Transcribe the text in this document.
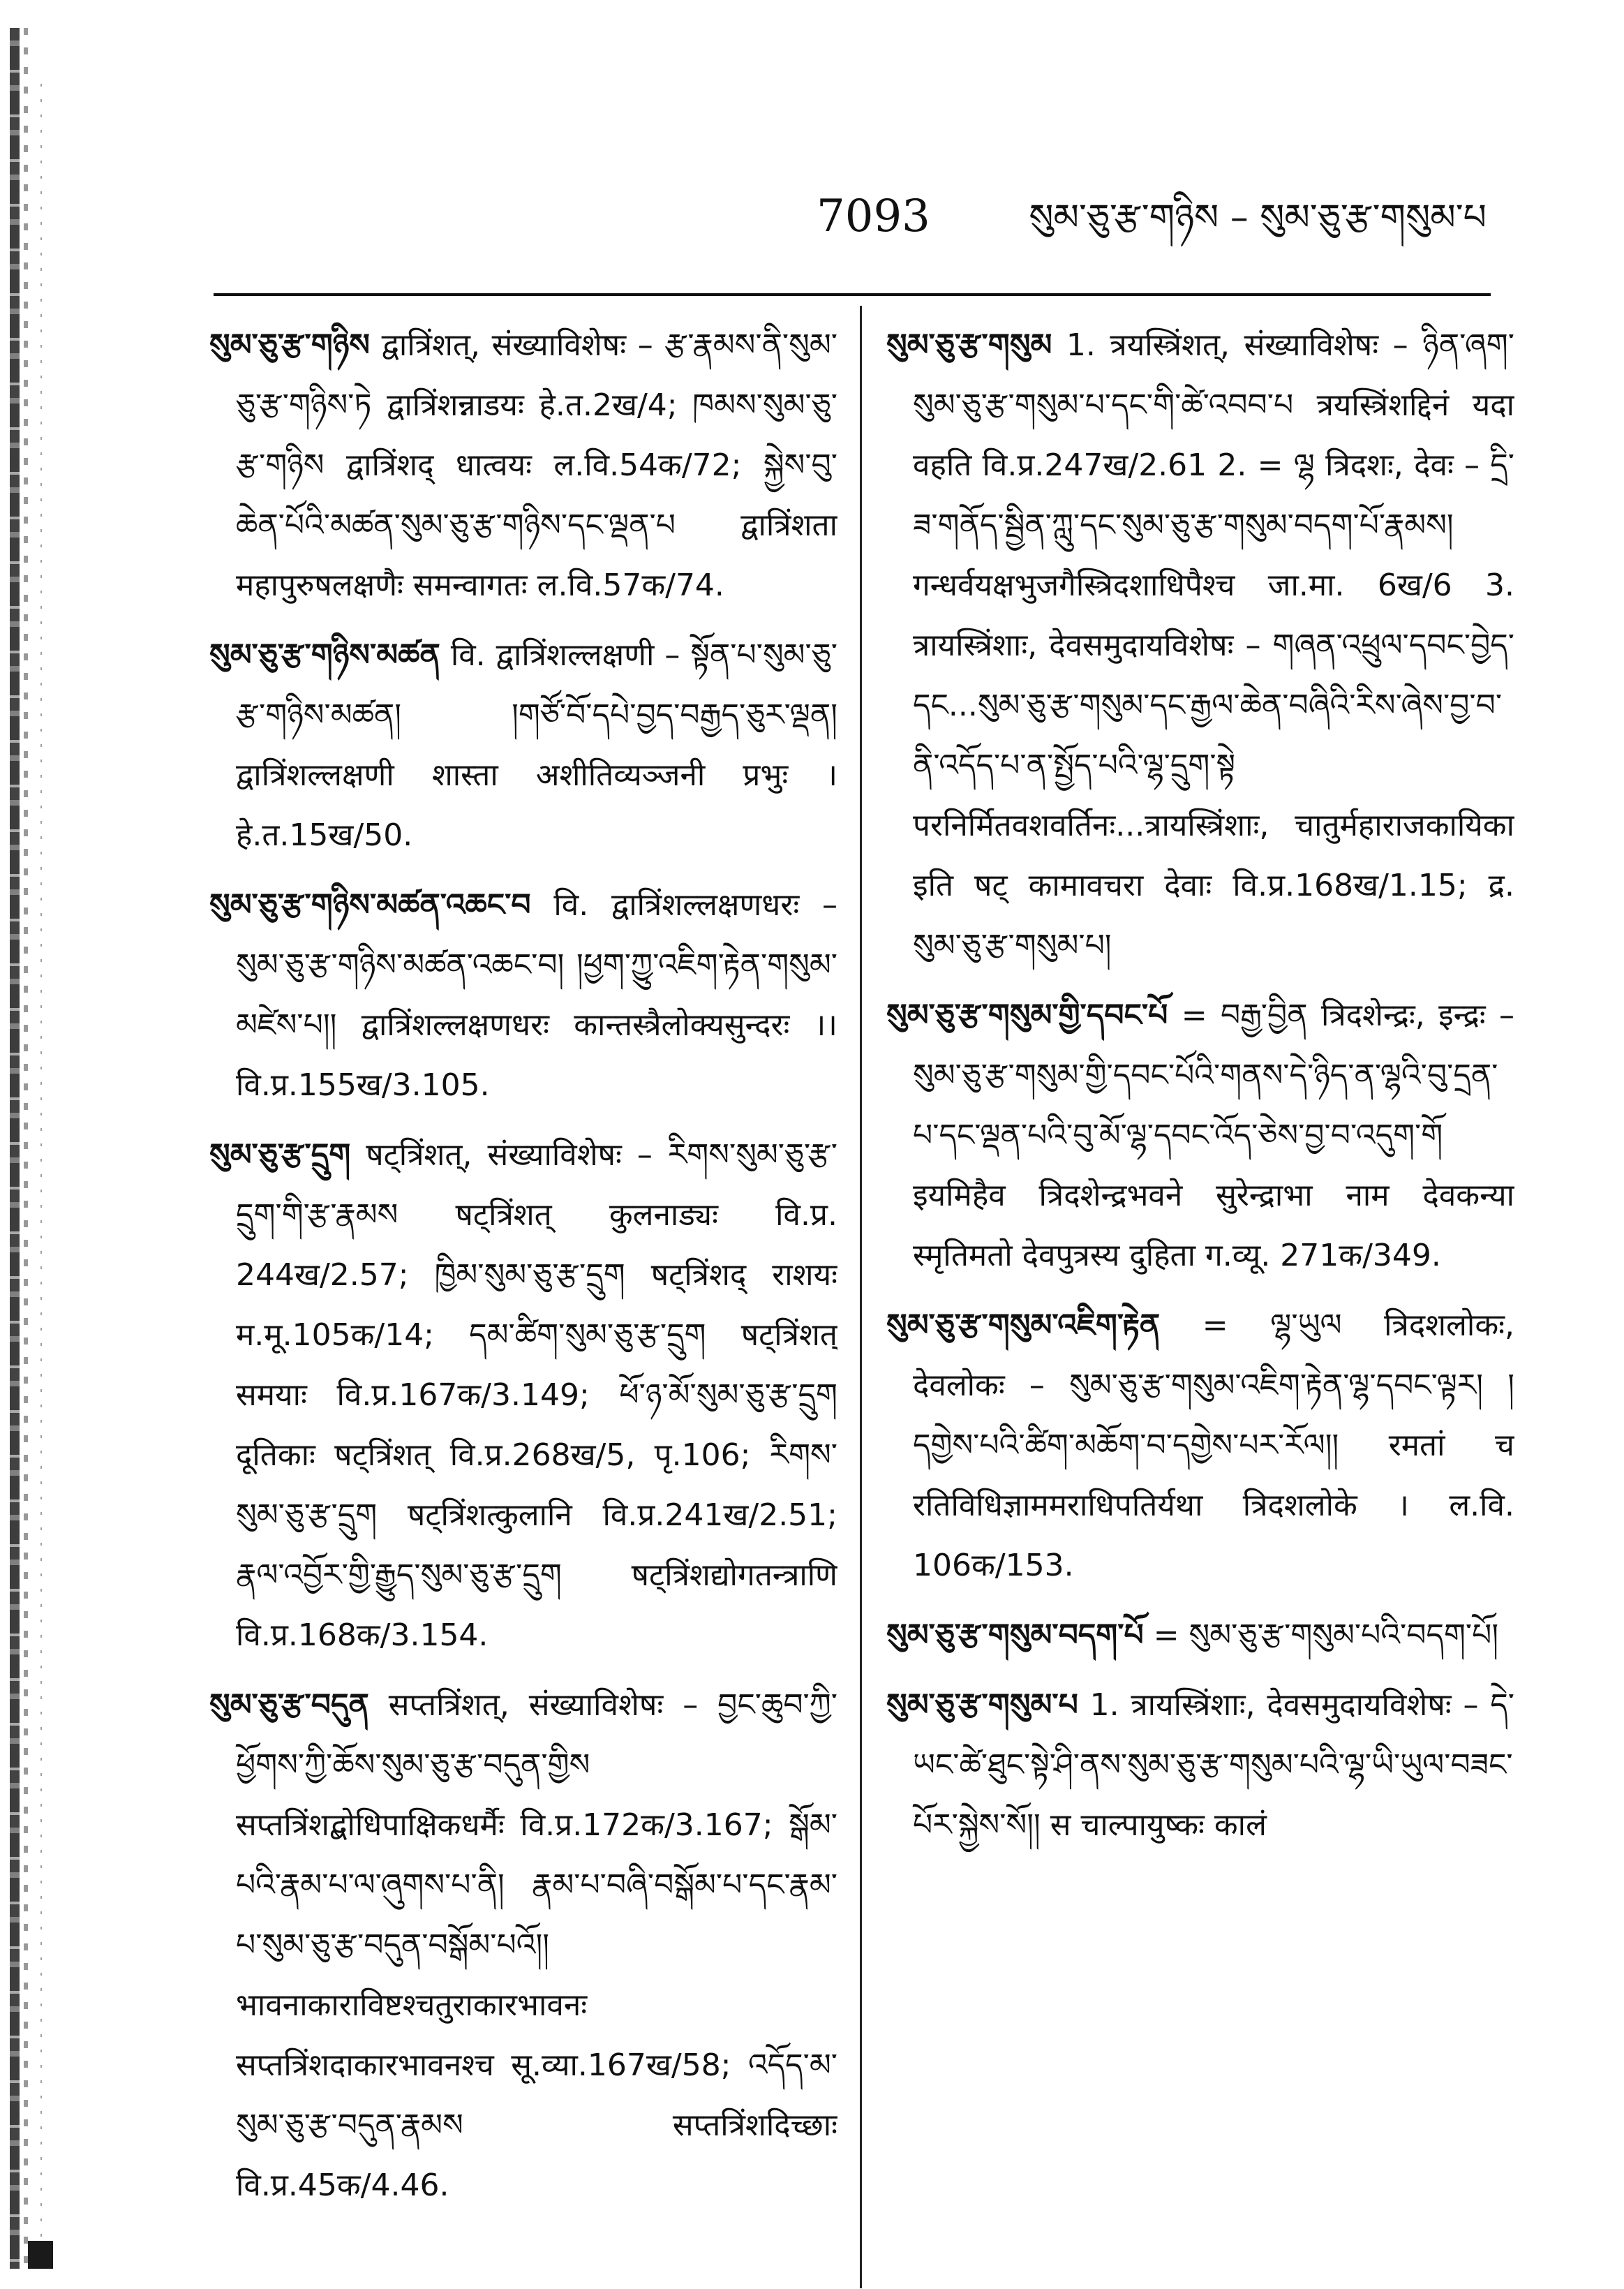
7093	སུམ་ཅུ་རྩ་གཉིས – སུམ་ཅུ་རྩ་གསུམ་པ

སུམ་ཅུ་རྩ་གཉིས द्वात्रिंशत्, संख्याविशेषः – རྩ་རྣམས་ནི་སུམ་ཅུ་རྩ་གཉིས་ཏེ द्वात्रिंशन्नाडयः हे.त.2ख/4; ཁམས་སུམ་ཅུ་རྩ་གཉིས द्वात्रिंशद् धात्वयः ल.वि.54क/72; སྐྱེས་བུ་ཆེན་པོའི་མཚན་སུམ་ཅུ་རྩ་གཉིས་དང་ལྡན་པ द्वात्रिंशता महापुरुषलक्षणैः समन्वागतः ल.वि.57क/74.

སུམ་ཅུ་རྩ་གཉིས་མཚན वि. द्वात्रिंशल्लक्षणी – སྟོན་པ་སུམ་ཅུ་རྩ་གཉིས་མཚན། །གཙོ་བོ་དཔེ་བྱད་བརྒྱད་ཅུར་ལྡན། द्वात्रिंशल्लक्षणी शास्ता अशीतिव्यञ्जनी प्रभुः । हे.त.15ख/50.

སུམ་ཅུ་རྩ་གཉིས་མཚན་འཆང་བ वि. द्वात्रिंशल्लक्षणधरः – སུམ་ཅུ་རྩ་གཉིས་མཚན་འཆང་བ། །ཕྱག་ཀྱུ་འཇིག་རྟེན་གསུམ་མཛེས་པ།། द्वात्रिंशल्लक्षणधरः कान्तस्त्रैलोक्यसुन्दरः ।। वि.प्र.155ख/3.105.

སུམ་ཅུ་རྩ་དྲུག षट्त्रिंशत्, संख्याविशेषः – རིགས་སུམ་ཅུ་རྩ་དྲུག་གི་རྩ་རྣམས षट्त्रिंशत् कुलनाड्यः वि.प्र. 244ख/2.57; ཁྱིམ་སུམ་ཅུ་རྩ་དྲུག षट्त्रिंशद् राशयः म.मू.105क/14; དམ་ཚིག་སུམ་ཅུ་རྩ་དྲུག षट्त्रिंशत् समयाः वि.प्र.167क/3.149; ཕོ་ཉ་མོ་སུམ་ཅུ་རྩ་དྲུག दूतिकाः षट्त्रिंशत् वि.प्र.268ख/5, पृ.106; རིགས་སུམ་ཅུ་རྩ་དྲུག षट्त्रिंशत्कुलानि वि.प्र.241ख/2.51; རྣལ་འབྱོར་གྱི་རྒྱུད་སུམ་ཅུ་རྩ་དྲུག षट्त्रिंशद्योगतन्त्राणि वि.प्र.168क/3.154.

སུམ་ཅུ་རྩ་བདུན सप्तत्रिंशत्, संख्याविशेषः – བྱང་ཆུབ་ཀྱི་ཕྱོགས་ཀྱི་ཆོས་སུམ་ཅུ་རྩ་བདུན་གྱིས सप्तत्रिंशद्बोधिपाक्षिकधर्मैः वि.प्र.172क/3.167; སྒོམ་པའི་རྣམ་པ་ལ་ཞུགས་པ་ནི། རྣམ་པ་བཞི་བསྒོམ་པ་དང་རྣམ་པ་སུམ་ཅུ་རྩ་བདུན་བསྒོམ་པའོ།། भावनाकाराविष्टश्चतुराकारभावनः सप्तत्रिंशदाकारभावनश्च सू.व्या.167ख/58; འདོད་མ་སུམ་ཅུ་རྩ་བདུན་རྣམས सप्तत्रिंशदिच्छाः वि.प्र.45क/4.46.

སུམ་ཅུ་རྩ་གསུམ 1. त्रयस्त्रिंशत्, संख्याविशेषः – ཉིན་ཞག་སུམ་ཅུ་རྩ་གསུམ་པ་དང་གི་ཚེ་འབབ་པ त्रयस्त्रिंशद्दिनं यदा वहति वि.प्र.247ख/2.61 2. = ལྷ त्रिदशः, देवः – དྲི་ཟ་གནོད་སྦྱིན་ཀླུ་དང་སུམ་ཅུ་རྩ་གསུམ་བདག་པོ་རྣམས། गन्धर्वयक्षभुजगैस्त्रिदशाधिपैश्च जा.मा. 6ख/6 3. त्रायस्त्रिंशाः, देवसमुदायविशेषः – གཞན་འཕྲུལ་དབང་བྱེད་དང...སུམ་ཅུ་རྩ་གསུམ་དང་རྒྱལ་ཆེན་བཞིའི་རིས་ཞེས་བྱ་བ་ནི་འདོད་པ་ན་སྤྱོད་པའི་ལྷ་དྲུག་སྟེ परनिर्मितवशवर्तिनः...त्रायस्त्रिंशाः, चातुर्महाराजकायिका इति षट् कामावचरा देवाः वि.प्र.168ख/1.15; द्र. སུམ་ཅུ་རྩ་གསུམ་པ།

སུམ་ཅུ་རྩ་གསུམ་གྱི་དབང་པོ = བརྒྱ་བྱིན त्रिदशेन्द्रः, इन्द्रः – སུམ་ཅུ་རྩ་གསུམ་གྱི་དབང་པོའི་གནས་དེ་ཉིད་ན་ལྷའི་བུ་དྲན་པ་དང་ལྡན་པའི་བུ་མོ་ལྷ་དབང་འོད་ཅེས་བྱ་བ་འདུག་གོ इयमिहैव त्रिदशेन्द्रभवने सुरेन्द्राभा नाम देवकन्या स्मृतिमतो देवपुत्रस्य दुहिता ग.व्यू. 271क/349.

སུམ་ཅུ་རྩ་གསུམ་འཇིག་རྟེན = ལྷ་ཡུལ त्रिदशलोकः, देवलोकः – སུམ་ཅུ་རྩ་གསུམ་འཇིག་རྟེན་ལྷ་དབང་ལྟར། །དགྱེས་པའི་ཚིག་མཆོག་བ་དགྱེས་པར་རོལ།། रमतां च रतिविधिज्ञाममराधिपतिर्यथा त्रिदशलोके । ल.वि. 106क/153.

སུམ་ཅུ་རྩ་གསུམ་བདག་པོ = སུམ་ཅུ་རྩ་གསུམ་པའི་བདག་པོ།

སུམ་ཅུ་རྩ་གསུམ་པ 1. त्रायस्त्रिंशाः, देवसमुदायविशेषः – དེ་ཡང་ཚེ་ཐུང་སྟེ་ཤི་ནས་སུམ་ཅུ་རྩ་གསུམ་པའི་ལྷ་ཡི་ཡུལ་བཟང་པོར་སྐྱེས་སོ།། स चाल्पायुष्कः कालं
